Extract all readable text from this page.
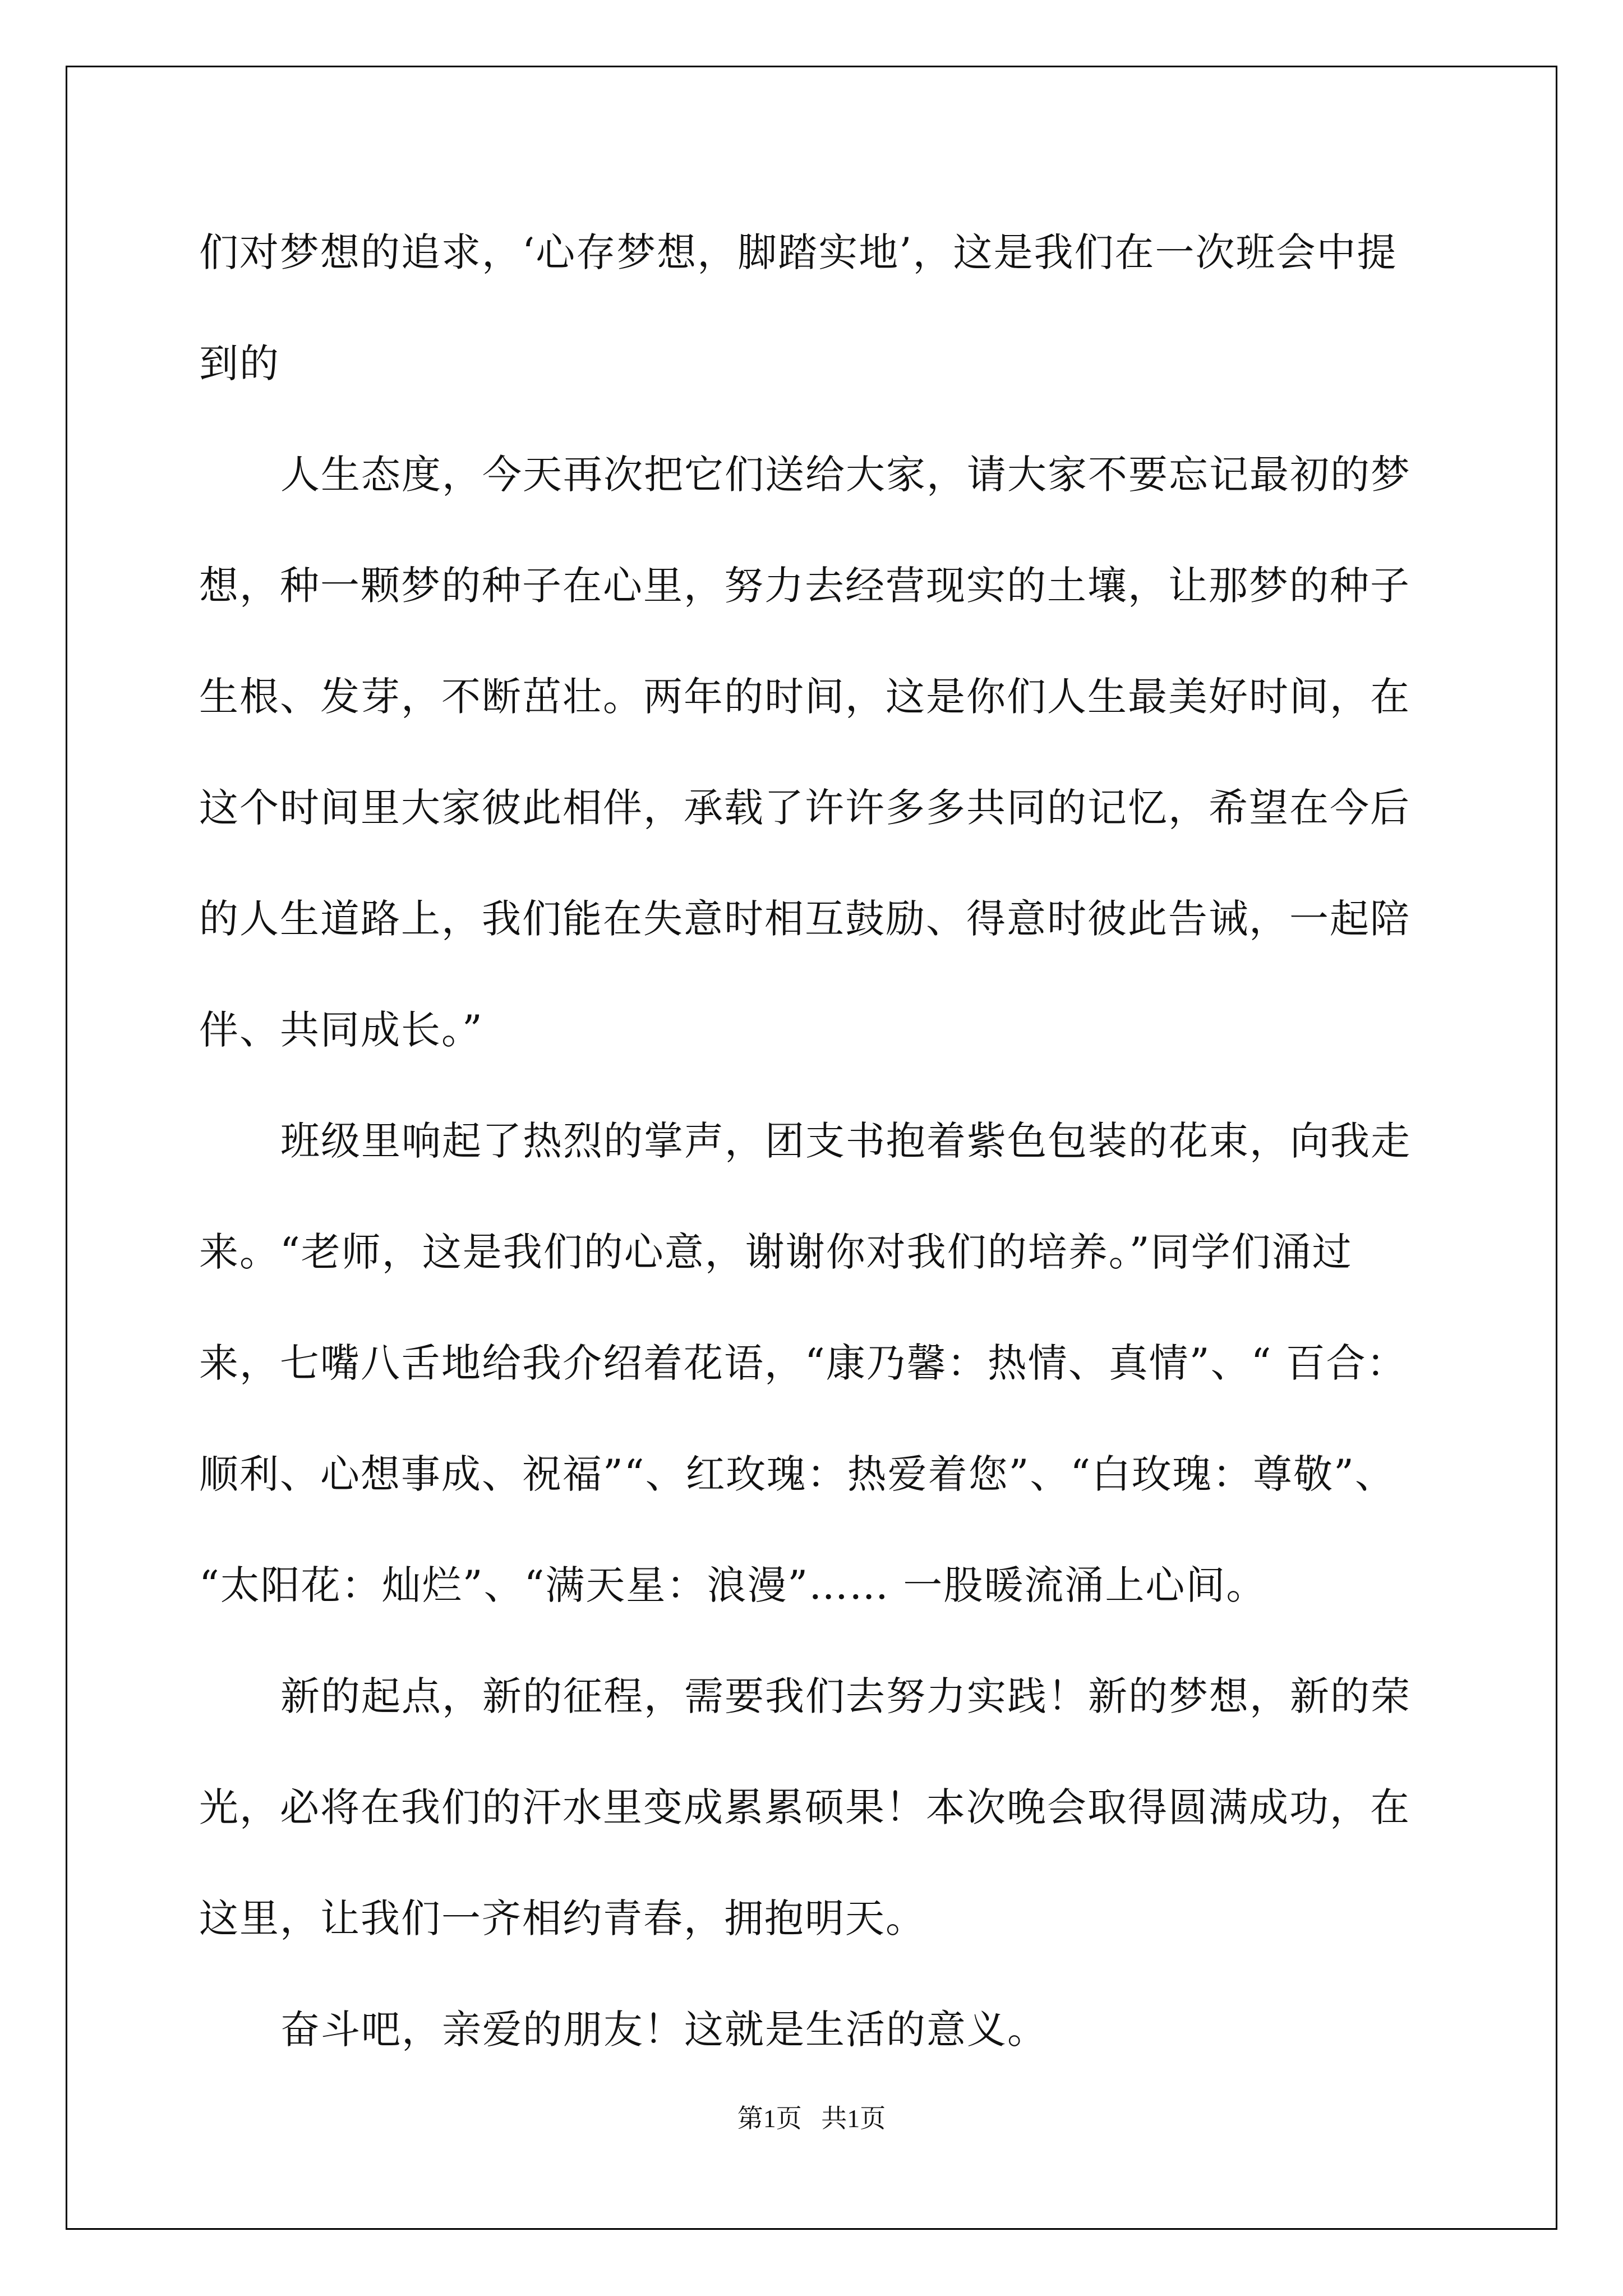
们对梦想的追求，‘心存梦想，脚踏实地’，这是我们在一次班会中提
到的
人生态度，今天再次把它们送给大家，请大家不要忘记最初的梦
想，种一颗梦的种子在心里，努力去经营现实的土壤，让那梦的种子
生根、发芽，不断茁壮。两年的时间，这是你们人生最美好时间，在
这个时间里大家彼此相伴，承载了许许多多共同的记忆，希望在今后
的人生道路上，我们能在失意时相互鼓励、得意时彼此告诫，一起陪
伴、共同成长。”
班级里响起了热烈的掌声，团支书抱着紫色包装的花束，向我走
来。“老师，这是我们的心意，谢谢你对我们的培养。”同学们涌过
来，七嘴八舌地给我介绍着花语，“康乃馨：热情、真情”、“ 百合：
顺利、心想事成、祝福”“、红玫瑰：热爱着您”、“白玫瑰：尊敬”、
“太阳花：灿烂”、“满天星：浪漫”…… 一股暖流涌上心间。
新的起点，新的征程，需要我们去努力实践！新的梦想，新的荣
光，必将在我们的汗水里变成累累硕果！本次晚会取得圆满成功，在
这里，让我们一齐相约青春，拥抱明天。
奋斗吧，亲爱的朋友！这就是生活的意义。
第1页   共1页
